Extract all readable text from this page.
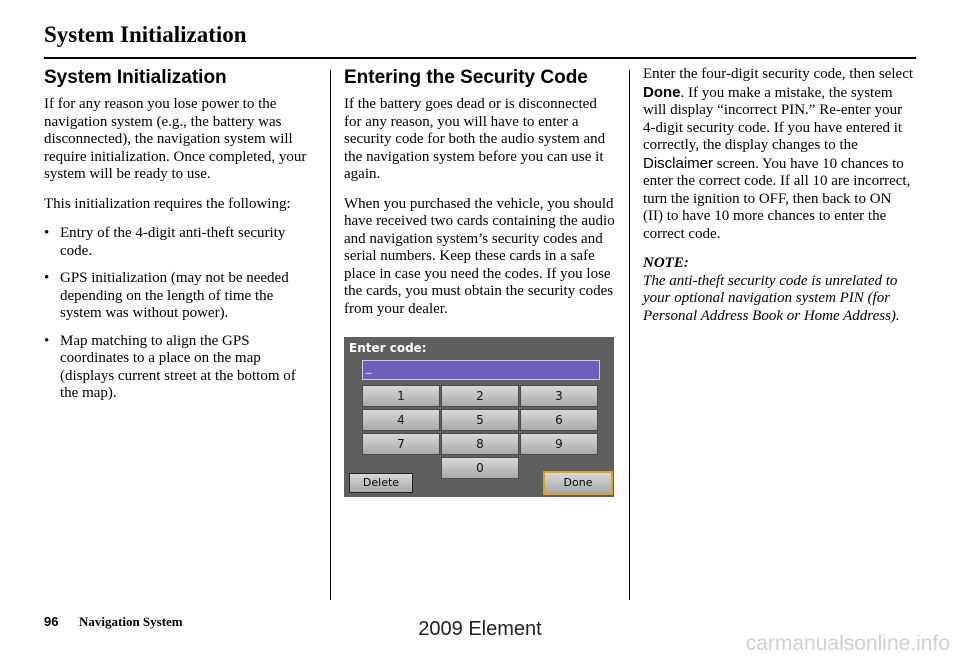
System Initialization
System Initialization

If for any reason you lose power to the navigation system (e.g., the battery was disconnected), the navigation system will require initialization. Once completed, your system will be ready to use.

This initialization requires the following:

• Entry of the 4-digit anti-theft security code.
• GPS initialization (may not be needed depending on the length of time the system was without power).
• Map matching to align the GPS coordinates to a place on the map (displays current street at the bottom of the map).
Entering the Security Code

If the battery goes dead or is disconnected for any reason, you will have to enter a security code for both the audio system and the navigation system before you can use it again.

When you purchased the vehicle, you should have received two cards containing the audio and navigation system’s security codes and serial numbers. Keep these cards in a safe place in case you need the codes. If you lose the cards, you must obtain the security codes from your dealer.

Enter code:
_
1	2	3
4	5	6
7	8	9
0
Delete	Done

Enter the four-digit security code, then select Done. If you make a mistake, the system will display “incorrect PIN.” Re-enter your 4-digit security code. If you have entered it correctly, the display changes to the Disclaimer screen. You have 10 chances to enter the correct code. If all 10 are incorrect, turn the ignition to OFF, then back to ON (II) to have 10 more chances to enter the correct code.

NOTE:

The anti-theft security code is unrelated to your optional navigation system PIN (for Personal Address Book or Home Address).

96 Navigation System	2009 Element
carmanualsonline.info
